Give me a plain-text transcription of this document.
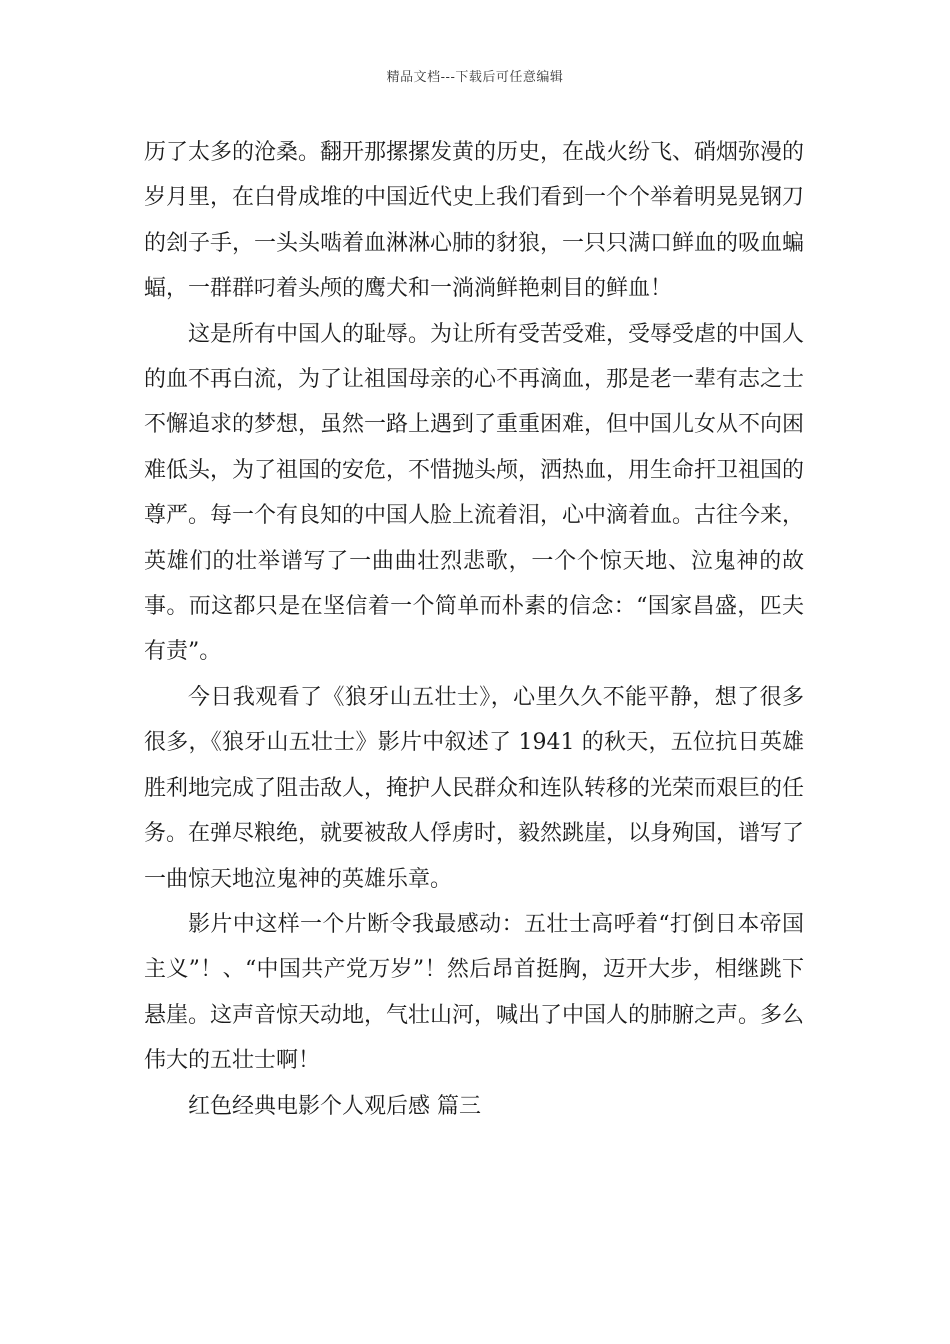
精品文档---下载后可任意编辑

历了太多的沧桑。翻开那摞摞发黄的历史，在战火纷飞、硝烟弥漫的岁月里，在白骨成堆的中国近代史上我们看到一个个举着明晃晃钢刀的刽子手，一头头啮着血淋淋心肺的豺狼，一只只满口鲜血的吸血蝙蝠，一群群叼着头颅的鹰犬和一淌淌鲜艳刺目的鲜血！

这是所有中国人的耻辱。为让所有受苦受难，受辱受虐的中国人的血不再白流，为了让祖国母亲的心不再滴血，那是老一辈有志之士不懈追求的梦想，虽然一路上遇到了重重困难，但中国儿女从不向困难低头，为了祖国的安危，不惜抛头颅，洒热血，用生命扞卫祖国的尊严。每一个有良知的中国人脸上流着泪，心中滴着血。古往今来，英雄们的壮举谱写了一曲曲壮烈悲歌，一个个惊天地、泣鬼神的故事。而这都只是在坚信着一个简单而朴素的信念：“国家昌盛，匹夫有责”。

今日我观看了《狼牙山五壮士》，心里久久不能平静，想了很多很多，《狼牙山五壮士》影片中叙述了 1941 的秋天，五位抗日英雄胜利地完成了阻击敌人，掩护人民群众和连队转移的光荣而艰巨的任务。在弹尽粮绝，就要被敌人俘虏时，毅然跳崖，以身殉国，谱写了一曲惊天地泣鬼神的英雄乐章。

影片中这样一个片断令我最感动：五壮士高呼着“打倒日本帝国主义”！、“中国共产党万岁”！然后昂首挺胸，迈开大步，相继跳下悬崖。这声音惊天动地，气壮山河，喊出了中国人的肺腑之声。多么伟大的五壮士啊！

红色经典电影个人观后感 篇三
